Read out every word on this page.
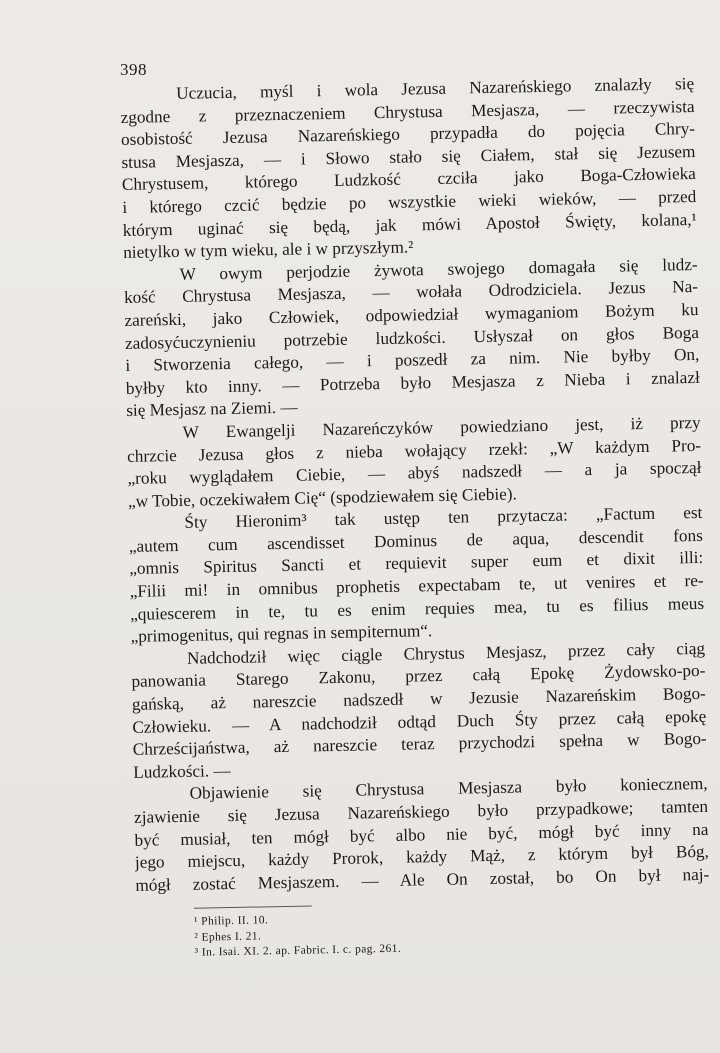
398
Uczucia, myśl i wola Jezusa Nazareńskiego znalazły się
zgodne z przeznaczeniem Chrystusa Mesjasza, — rzeczywista
osobistość Jezusa Nazareńskiego przypadła do pojęcia Chry-
stusa Mesjasza, — i Słowo stało się Ciałem, stał się Jezusem
Chrystusem, którego Ludzkość czciła jako Boga-Człowieka
i którego czcić będzie po wszystkie wieki wieków, — przed
którym uginać się będą, jak mówi Apostoł Święty, kolana,¹
nietylko w tym wieku, ale i w przyszłym.²
W owym perjodzie żywota swojego domagała się ludz-
kość Chrystusa Mesjasza, — wołała Odrodziciela. Jezus Na-
zareński, jako Człowiek, odpowiedział wymaganiom Bożym ku
zadosyćuczynieniu potrzebie ludzkości. Usłyszał on głos Boga
i Stworzenia całego, — i poszedł za nim. Nie byłby On,
byłby kto inny. — Potrzeba było Mesjasza z Nieba i znalazł
się Mesjasz na Ziemi. —
W Ewangelji Nazareńczyków powiedziano jest, iż przy
chrzcie Jezusa głos z nieba wołający rzekł: „W każdym Pro-
„roku wyglądałem Ciebie, — abyś nadszedł — a ja spoczął
„w Tobie, oczekiwałem Cię“ (spodziewałem się Ciebie).
Śty Hieronim³ tak ustęp ten przytacza: „Factum est
„autem cum ascendisset Dominus de aqua, descendit fons
„omnis Spiritus Sancti et requievit super eum et dixit illi:
„Filii mi! in omnibus prophetis expectabam te, ut venires et re-
„quiescerem in te, tu es enim requies mea, tu es filius meus
„primogenitus, qui regnas in sempiternum“.
Nadchodził więc ciągle Chrystus Mesjasz, przez cały ciąg
panowania Starego Zakonu, przez całą Epokę Żydowsko-po-
gańską, aż nareszcie nadszedł w Jezusie Nazareńskim Bogo-
Człowieku. — A nadchodził odtąd Duch Śty przez całą epokę
Chrześcijaństwa, aż nareszcie teraz przychodzi spełna w Bogo-
Ludzkości. —
Objawienie się Chrystusa Mesjasza było koniecznem,
zjawienie się Jezusa Nazareńskiego było przypadkowe; tamten
być musiał, ten mógł być albo nie być, mógł być inny na
jego miejscu, każdy Prorok, każdy Mąż, z którym był Bóg,
mógł zostać Mesjaszem. — Ale On został, bo On był naj-
¹ Philip. II. 10.
² Ephes I. 21.
³ In. Isai. XI. 2. ap. Fabric. I. c. pag. 261.
